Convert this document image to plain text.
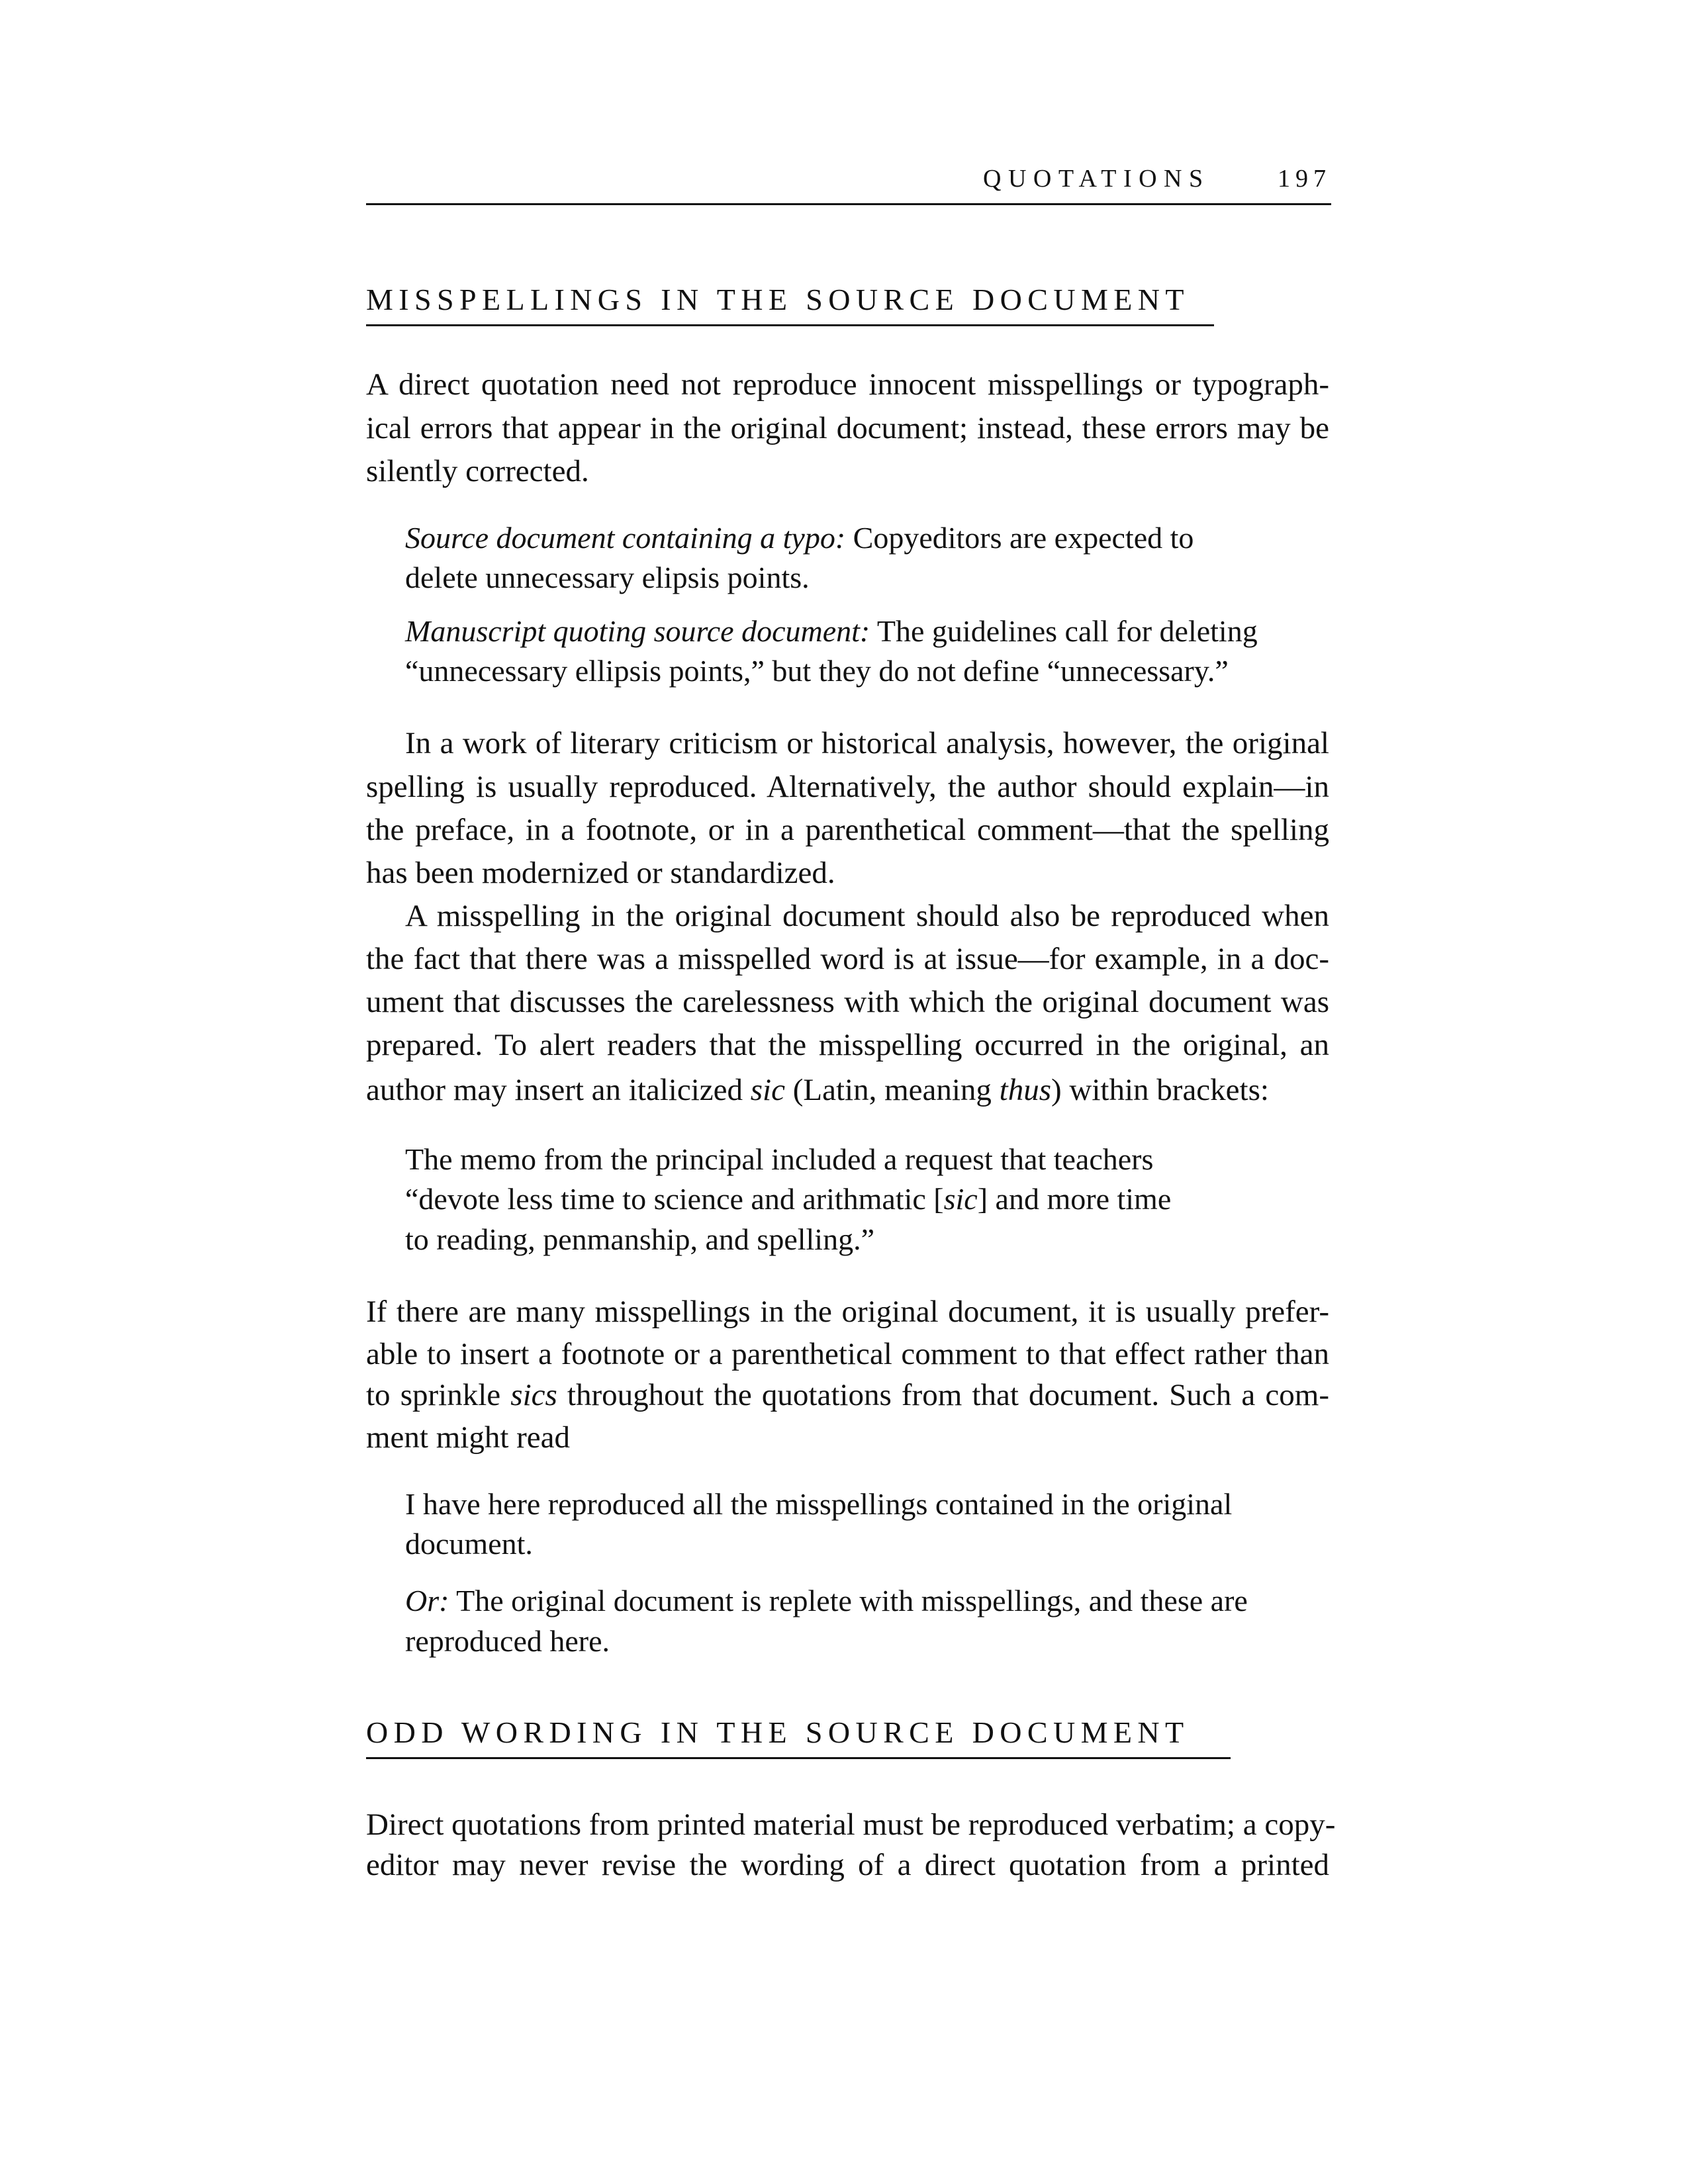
QUOTATIONS	197
MISSPELLINGS IN THE SOURCE DOCUMENT
A direct quotation need not reproduce innocent misspellings or typograph-
ical errors that appear in the original document; instead, these errors may be
silently corrected.
Source document containing a typo: Copyeditors are expected to
delete unnecessary elipsis points.
Manuscript quoting source document: The guidelines call for deleting
“unnecessary ellipsis points,” but they do not define “unnecessary.”
In a work of literary criticism or historical analysis, however, the original
spelling is usually reproduced. Alternatively, the author should explain—in
the preface, in a footnote, or in a parenthetical comment—that the spelling
has been modernized or standardized.
A misspelling in the original document should also be reproduced when
the fact that there was a misspelled word is at issue—for example, in a doc-
ument that discusses the carelessness with which the original document was
prepared. To alert readers that the misspelling occurred in the original, an
author may insert an italicized sic (Latin, meaning thus) within brackets:
The memo from the principal included a request that teachers
“devote less time to science and arithmatic [sic] and more time
to reading, penmanship, and spelling.”
If there are many misspellings in the original document, it is usually prefer-
able to insert a footnote or a parenthetical comment to that effect rather than
to sprinkle sics throughout the quotations from that document. Such a com-
ment might read
I have here reproduced all the misspellings contained in the original
document.
Or: The original document is replete with misspellings, and these are
reproduced here.
ODD WORDING IN THE SOURCE DOCUMENT
Direct quotations from printed material must be reproduced verbatim; a copy-
editor may never revise the wording of a direct quotation from a printed
